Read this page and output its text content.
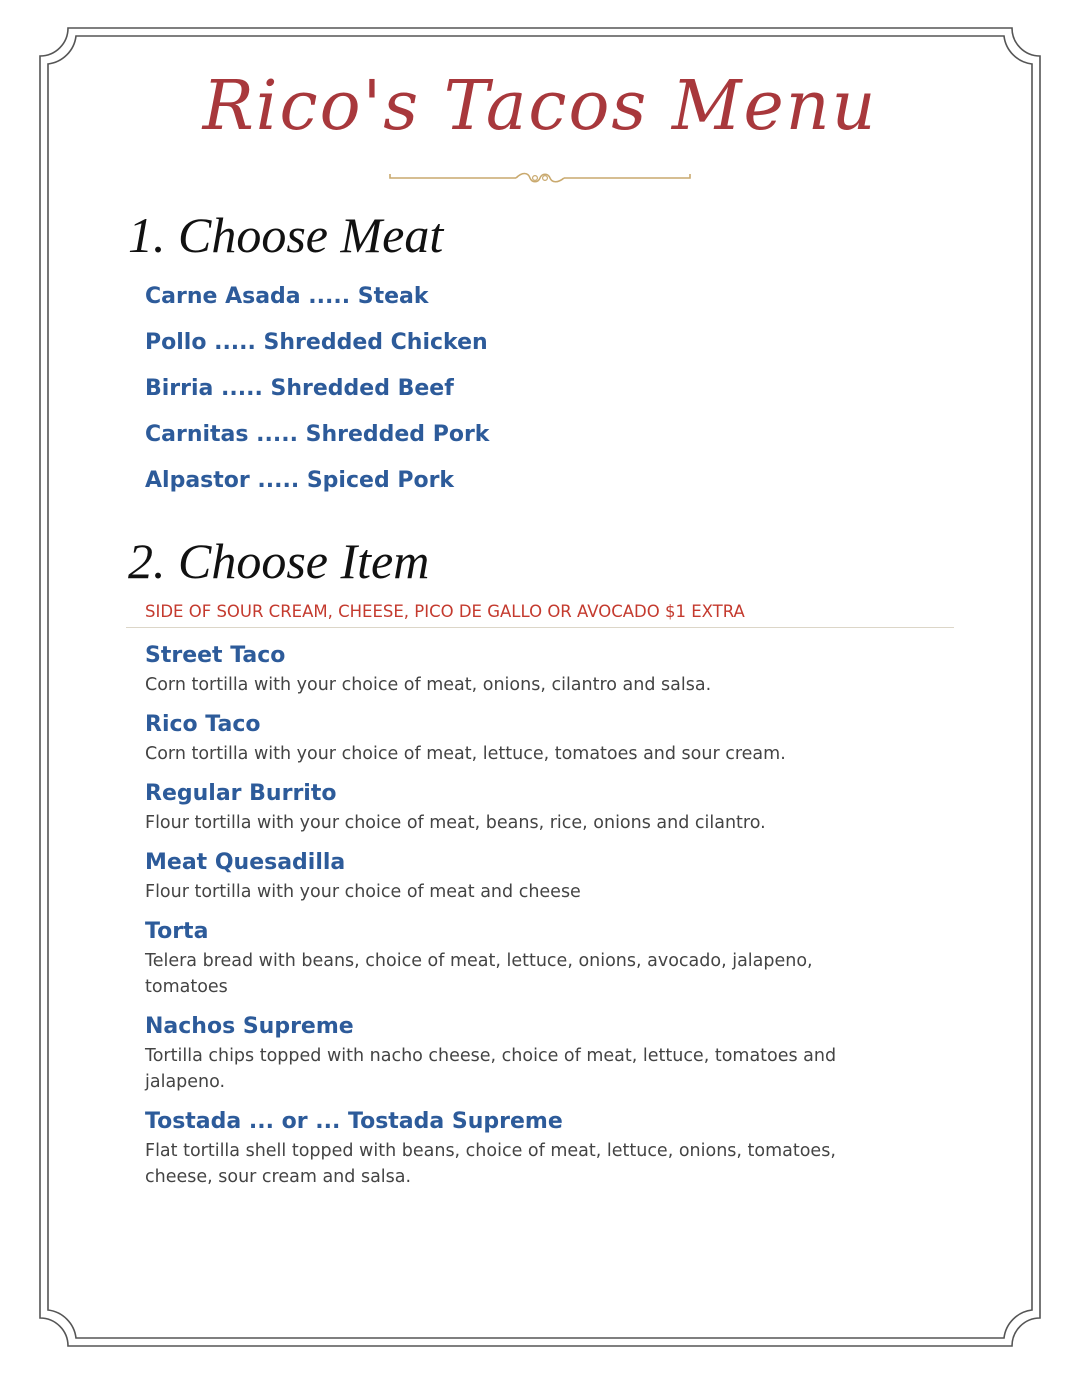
Rico's Tacos Menu
1. Choose Meat
Carne Asada ..... Steak
Pollo ..... Shredded Chicken
Birria ..... Shredded Beef
Carnitas ..... Shredded Pork
Alpastor ..... Spiced Pork
2. Choose Item
SIDE OF SOUR CREAM, CHEESE, PICO DE GALLO OR AVOCADO $1 EXTRA
Street Taco
Corn tortilla with your choice of meat, onions, cilantro and salsa.
Rico Taco
Corn tortilla with your choice of meat, lettuce, tomatoes and sour cream.
Regular Burrito
Flour tortilla with your choice of meat, beans, rice, onions and cilantro.
Meat Quesadilla
Flour tortilla with your choice of meat and cheese
Torta
Telera bread with beans, choice of meat, lettuce, onions, avocado, jalapeno, tomatoes
Nachos Supreme
Tortilla chips topped with nacho cheese, choice of meat, lettuce, tomatoes and jalapeno.
Tostada ... or ... Tostada Supreme
Flat tortilla shell topped with beans, choice of meat, lettuce, onions, tomatoes, cheese, sour cream and salsa.
